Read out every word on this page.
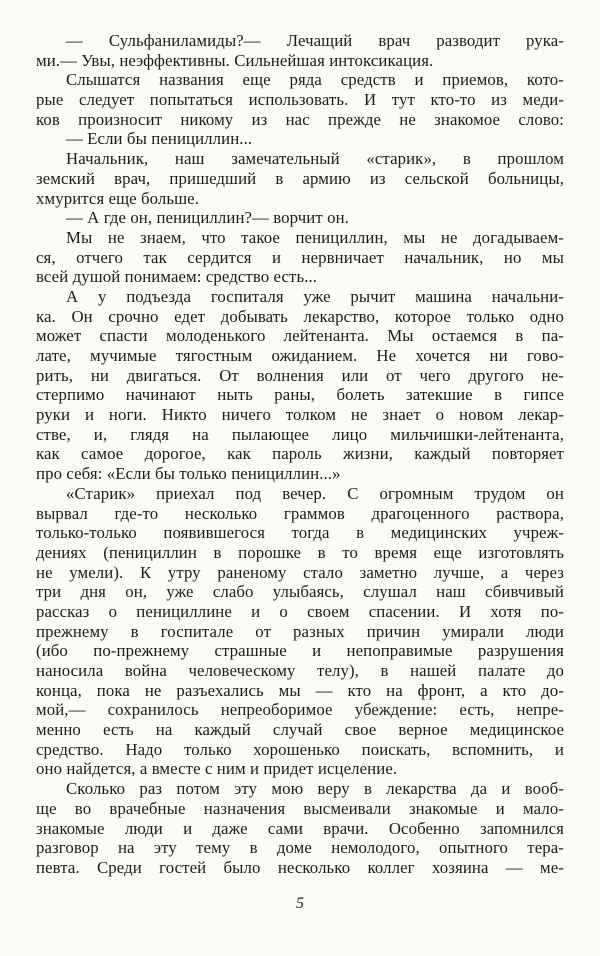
— Сульфаниламиды?— Лечащий врач разводит рука-
ми.— Увы, неэффективны. Сильнейшая интоксикация.
Слышатся названия еще ряда средств и приемов, кото-
рые следует попытаться использовать. И тут кто-то из меди-
ков произносит никому из нас прежде не знакомое слово:
— Если бы пенициллин...
Начальник, наш замечательный «старик», в прошлом
земский врач, пришедший в армию из сельской больницы,
хмурится еще больше.
— А где он, пенициллин?— ворчит он.
Мы не знаем, что такое пенициллин, мы не догадываем-
ся, отчего так сердится и нервничает начальник, но мы
всей душой понимаем: средство есть...
А у подъезда госпиталя уже рычит машина начальни-
ка. Он срочно едет добывать лекарство, которое только одно
может спасти молоденького лейтенанта. Мы остаемся в па-
лате, мучимые тягостным ожиданием. Не хочется ни гово-
рить, ни двигаться. От волнения или от чего другого не-
стерпимо начинают ныть раны, болеть затекшие в гипсе
руки и ноги. Никто ничего толком не знает о новом лекар-
стве, и, глядя на пылающее лицо мильчишки-лейтенанта,
как самое дорогое, как пароль жизни, каждый повторяет
про себя: «Если бы только пенициллин...»
«Старик» приехал под вечер. С огромным трудом он
вырвал где-то несколько граммов драгоценного раствора,
только-только появившегося тогда в медицинских учреж-
дениях (пенициллин в порошке в то время еще изготовлять
не умели). К утру раненому стало заметно лучше, а через
три дня он, уже слабо улыбаясь, слушал наш сбивчивый
рассказ о пенициллине и о своем спасении. И хотя по-
прежнему в госпитале от разных причин умирали люди
(ибо по-прежнему страшные и непоправимые разрушения
наносила война человеческому телу), в нашей палате до
конца, пока не разъехались мы — кто на фронт, а кто до-
мой,— сохранилось непреоборимое убеждение: есть, непре-
менно есть на каждый случай свое верное медицинское
средство. Надо только хорошенько поискать, вспомнить, и
оно найдется, а вместе с ним и придет исцеление.
Сколько раз потом эту мою веру в лекарства да и вооб-
ще во врачебные назначения высмеивали знакомые и мало-
знакомые люди и даже сами врачи. Особенно запомнился
разговор на эту тему в доме немолодого, опытного тера-
певта. Среди гостей было несколько коллег хозяина — ме-
5
